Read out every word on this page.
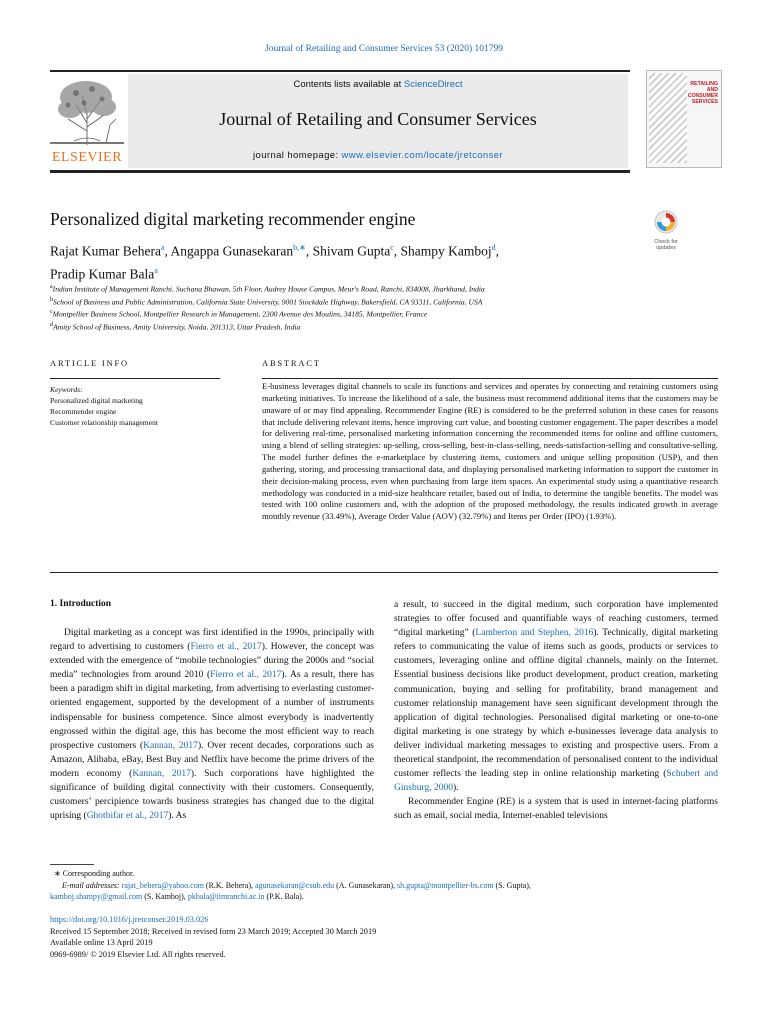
Journal of Retailing and Consumer Services 53 (2020) 101799
ELSEVIER
Contents lists available at ScienceDirect
Journal of Retailing and Consumer Services
journal homepage: www.elsevier.com/locate/jretconser
RETAILING AND CONSUMER SERVICES
Personalized digital marketing recommender engine
Check for updates
Rajat Kumar Behera$^a$, Angappa Gunasekaran$^{b,∗}$, Shivam Gupta$^c$, Shampy Kamboj$^d$,
Pradip Kumar Bala$^a$
$^a$Indian Institute of Management Ranchi, Suchana Bhawan, 5th Floor, Audrey House Campus, Meur's Road, Ranchi, 834008, Jharkhand, India
$^b$School of Business and Public Administration, California State University, 9001 Stockdale Highway, Bakersfield, CA 93311, California, USA
$^c$Montpellier Business School, Montpellier Research in Management, 2300 Avenue des Moulins, 34185, Montpellier, France
$^d$Amity School of Business, Amity University, Noida, 201313, Uttar Pradesh, India
ARTICLE INFO	ABSTRACT
Keywords:
Personalized digital marketing
Recommender engine
Customer relationship management
E-business leverages digital channels to scale its functions and services and operates by connecting and retaining customers using marketing initiatives. To increase the likelihood of a sale, the business must recommend additional items that the customers may be unaware of or may find appealing. Recommender Engine (RE) is considered to be the preferred solution in these cases for reasons that include delivering relevant items, hence improving cart value, and boosting customer engagement. The paper describes a model for delivering real-time, personalised marketing information concerning the recommended items for online and offline customers, using a blend of selling strategies: up-selling, cross-selling, best-in-class-selling, needs-satisfaction-selling and consultative-selling. The model further defines the e-marketplace by clustering items, customers and unique selling proposition (USP), and then gathering, storing, and processing transactional data, and displaying personalised marketing information to support the customer in their decision-making process, even when purchasing from large item spaces. An experimental study using a quantitative research methodology was conducted in a mid-size healthcare retailer, based out of India, to determine the tangible benefits. The model was tested with 100 online customers and, with the adoption of the proposed methodology, the results indicated growth in average monthly revenue (33.49%), Average Order Value (AOV) (32.79%) and Items per Order (IPO) (1.93%).
1. Introduction

Digital marketing as a concept was first identified in the 1990s, principally with regard to advertising to customers (Fierro et al., 2017). However, the concept was extended with the emergence of “mobile technologies” during the 2000s and “social media” technologies from around 2010 (Fierro et al., 2017). As a result, there has been a paradigm shift in digital marketing, from advertising to everlasting customer-oriented engagement, supported by the development of a number of instruments indispensable for business competence. Since almost everybody is inadvertently engrossed within the digital age, this has become the most efficient way to reach prospective customers (Kannan, 2017). Over recent decades, corporations such as Amazon, Alibaba, eBay, Best Buy and Netflix have become the prime drivers of the modern economy (Kannan, 2017). Such corporations have highlighted the significance of building digital connectivity with their customers. Consequently, customers’ percipience towards business strategies has changed due to the digital uprising (Ghotbifar et al., 2017). As

a result, to succeed in the digital medium, such corporation have implemented strategies to offer focused and quantifiable ways of reaching customers, termed “digital marketing” (Lamberton and Stephen, 2016). Technically, digital marketing refers to communicating the value of items such as goods, products or services to customers, leveraging online and offline digital channels, mainly on the Internet. Essential business decisions like product development, product creation, marketing communication, buying and selling for profitability, brand management and customer relationship management have seen significant development through the application of digital technologies. Personalised digital marketing or one-to-one digital marketing is one strategy by which e-businesses leverage data analysis to deliver individual marketing messages to existing and prospective users. From a theoretical standpoint, the recommendation of personalised content to the individual customer reflects the leading step in online relationship marketing (Schubert and Ginsburg, 2000).

Recommender Engine (RE) is a system that is used in internet-facing platforms such as email, social media, Internet-enabled televisions

∗ Corresponding author.
E-mail addresses: rajat_behera@yahoo.com (R.K. Behera), agunasekaran@csub.edu (A. Gunasekaran), sh.gupta@montpellier-bs.com (S. Gupta),
kamboj.shampy@gmail.com (S. Kamboj), pkbala@iimranchi.ac.in (P.K. Bala).
https://doi.org/10.1016/j.jretconser.2019.03.026
Received 15 September 2018; Received in revised form 23 March 2019; Accepted 30 March 2019
Available online 13 April 2019
0969-6989/ © 2019 Elsevier Ltd. All rights reserved.
